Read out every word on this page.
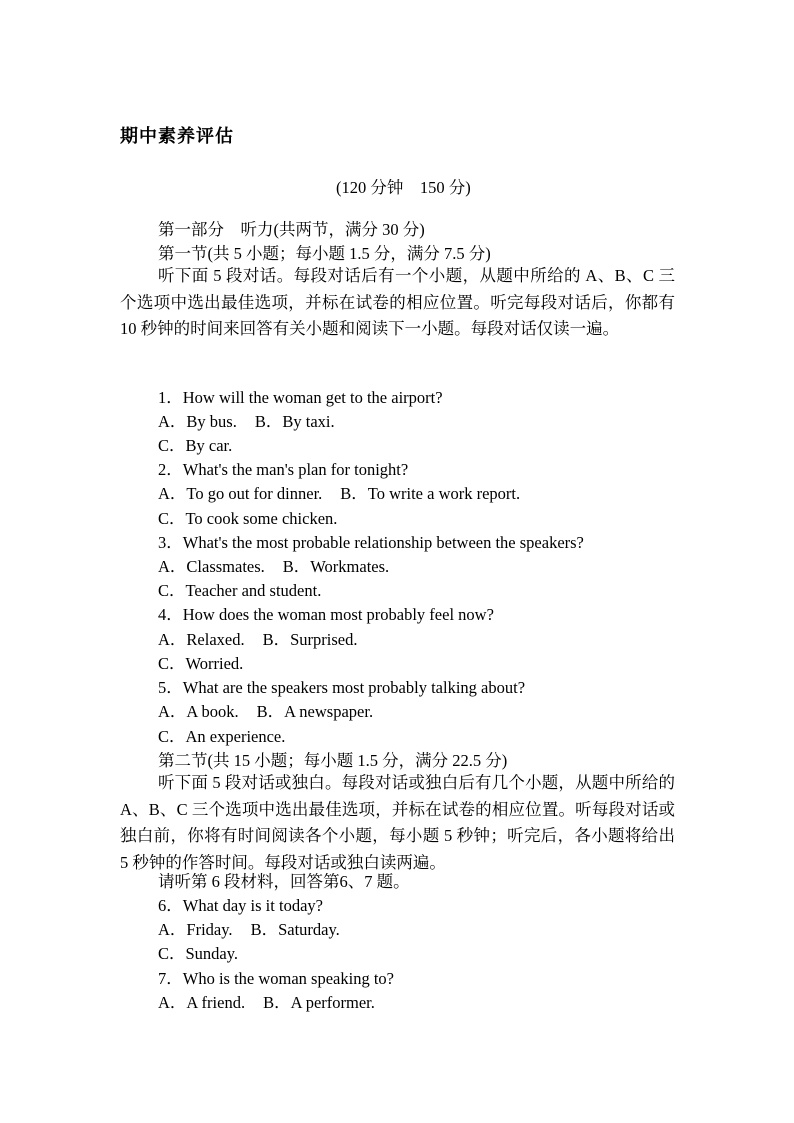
期中素养评估
(120 分钟　150 分)
第一部分　听力(共两节，满分 30 分)
第一节(共 5 小题；每小题 1.5 分，满分 7.5 分)
听下面 5 段对话。每段对话后有一个小题，从题中所给的 A、B、C 三个选项中选出最佳选项，并标在试卷的相应位置。听完每段对话后，你都有 10 秒钟的时间来回答有关小题和阅读下一小题。每段对话仅读一遍。
1．How will the woman get to the airport?
A．By bus. B．By taxi.
C．By car.
2．What's the man's plan for tonight?
A．To go out for dinner. B．To write a work report.
C．To cook some chicken.
3．What's the most probable relationship between the speakers?
A．Classmates. B．Workmates.
C．Teacher and student.
4．How does the woman most probably feel now?
A．Relaxed. B．Surprised.
C．Worried.
5．What are the speakers most probably talking about?
A．A book. B．A newspaper.
C．An experience.
第二节(共 15 小题；每小题 1.5 分，满分 22.5 分)
听下面 5 段对话或独白。每段对话或独白后有几个小题，从题中所给的 A、B、C 三个选项中选出最佳选项，并标在试卷的相应位置。听每段对话或独白前，你将有时间阅读各个小题，每小题 5 秒钟；听完后，各小题将给出 5 秒钟的作答时间。每段对话或独白读两遍。
请听第 6 段材料，回答第6、7 题。
6．What day is it today?
A．Friday. B．Saturday.
C．Sunday.
7．Who is the woman speaking to?
A．A friend. B．A performer.
